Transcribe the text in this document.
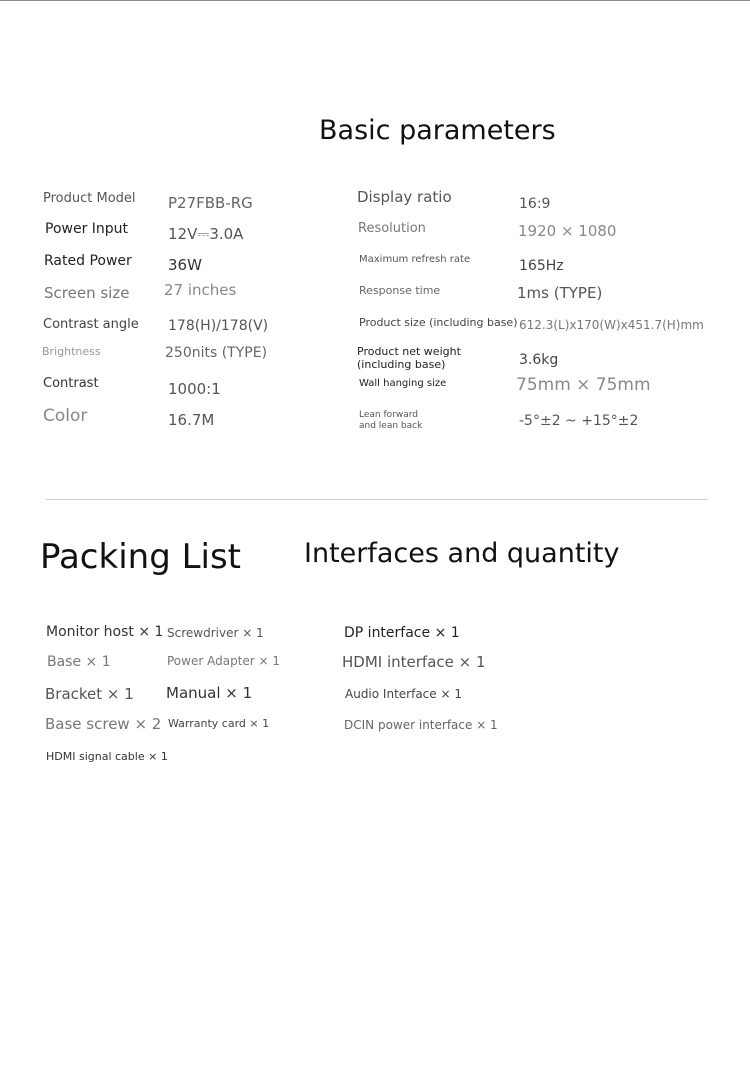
Basic parameters
Product Model P27FBB-RG
Power Input	12V⎓3.0A
Rated Power 36W
Screen size 27 inches
Contrast angle 178(H)/178(V)
Brightness	250nits (TYPE)
Contrast	1000:1
Color	16.7M
Display ratio	16:9
Resolution	1920 × 1080
Maximum refresh rate	165Hz
Response time	1ms (TYPE)
Product size (including base) 612.3(L)x170(W)x451.7(H)mm
Product net weight (including base)	3.6kg
Wall hanging size	75mm × 75mm
Lean forward and lean back	-5°±2 ~ +15°±2
Packing List Interfaces and quantity
Monitor host × 1
Base × 1
Bracket × 1
Base screw × 2
HDMI signal cable × 1
Screwdriver × 1
Power Adapter × 1
Manual × 1
Warranty card × 1
DP interface × 1
HDMI interface × 1
Audio Interface × 1
DCIN power interface × 1
